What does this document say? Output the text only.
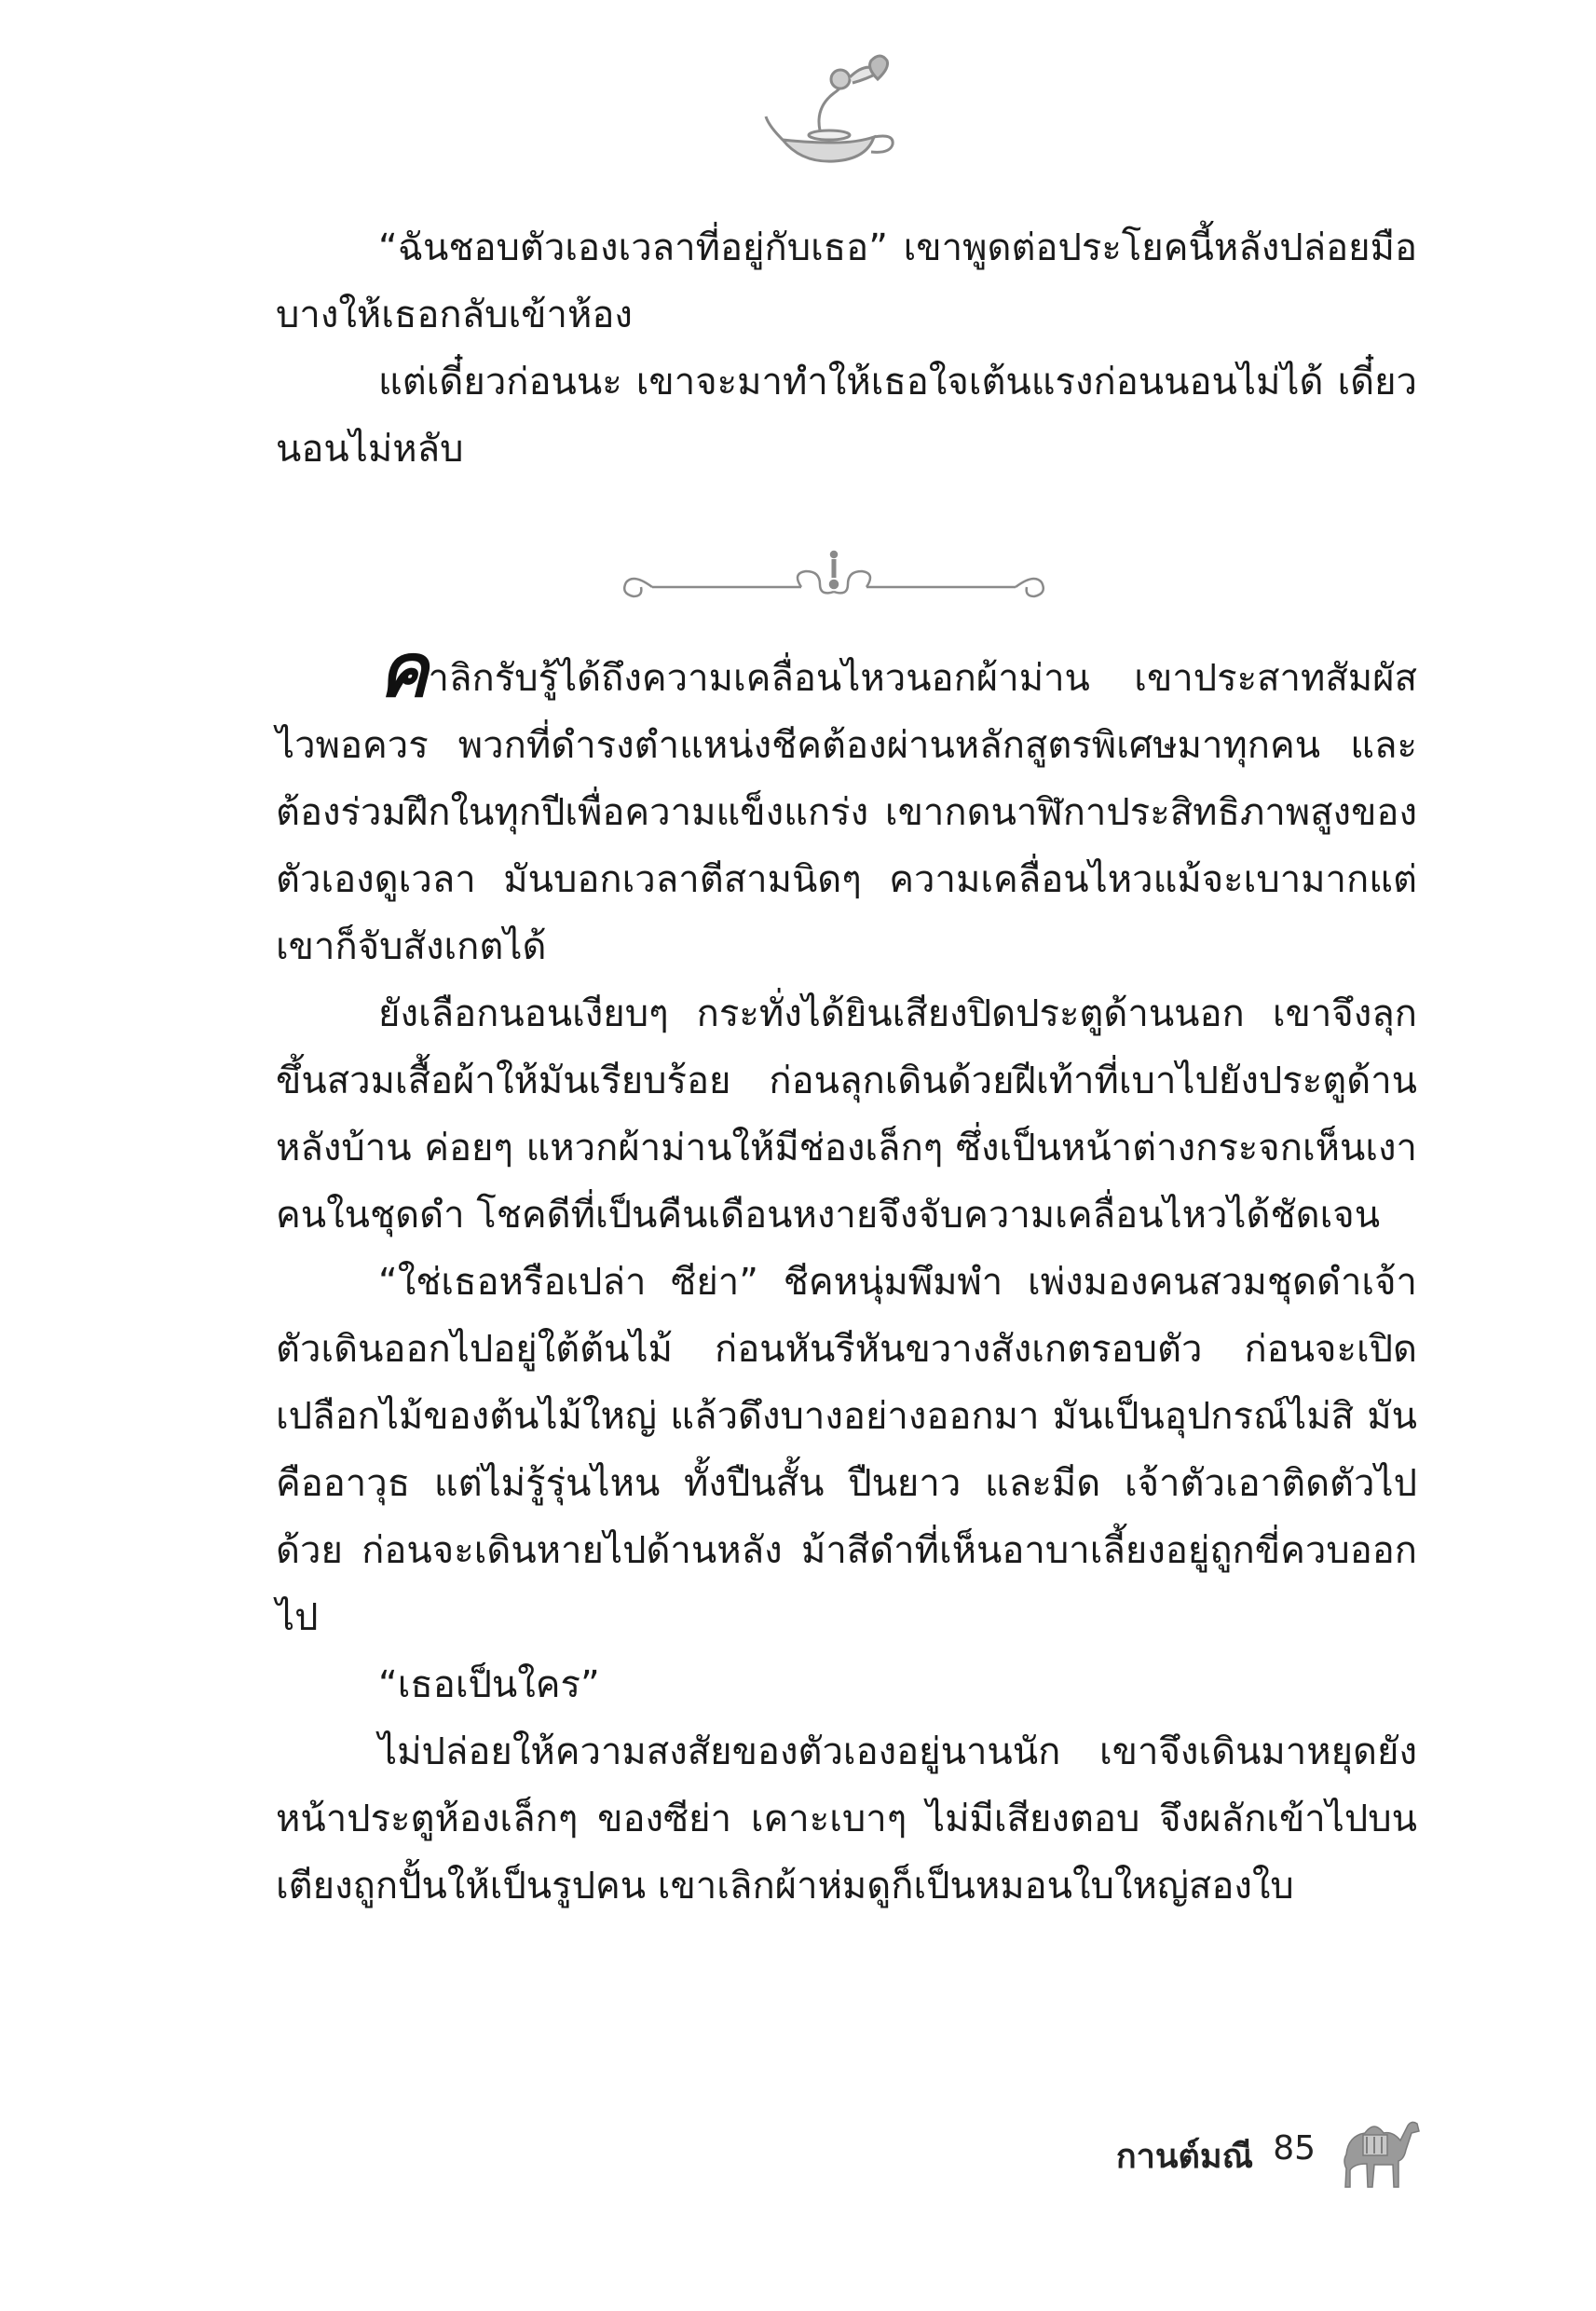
“ฉันชอบตัวเองเวลาที่อยู่กับเธอ” เขาพูดต่อประโยคนี้หลังปล่อยมือบางให้เธอกลับเข้าห้อง

แต่เดี๋ยวก่อนนะ เขาจะมาทำให้เธอใจเต้นแรงก่อนนอนไม่ได้ เดี๋ยวนอนไม่หลับ

คาลิกรับรู้ได้ถึงความเคลื่อนไหวนอกผ้าม่าน เขาประสาทสัมผัสไวพอควร พวกที่ดำรงตำแหน่งชีคต้องผ่านหลักสูตรพิเศษมาทุกคน และต้องร่วมฝึกในทุกปีเพื่อความแข็งแกร่ง เขากดนาฬิกาประสิทธิภาพสูงของตัวเองดูเวลา มันบอกเวลาตีสามนิดๆ ความเคลื่อนไหวแม้จะเบามากแต่เขาก็จับสังเกตได้

ยังเลือกนอนเงียบๆ กระทั่งได้ยินเสียงปิดประตูด้านนอก เขาจึงลุกขึ้นสวมเสื้อผ้าให้มันเรียบร้อย ก่อนลุกเดินด้วยฝีเท้าที่เบาไปยังประตูด้านหลังบ้าน ค่อยๆ แหวกผ้าม่านให้มีช่องเล็กๆ ซึ่งเป็นหน้าต่างกระจกเห็นเงาคนในชุดดำ โชคดีที่เป็นคืนเดือนหงายจึงจับความเคลื่อนไหวได้ชัดเจน

“ใช่เธอหรือเปล่า ซีย่า” ชีคหนุ่มพึมพำ เพ่งมองคนสวมชุดดำเจ้าตัวเดินออกไปอยู่ใต้ต้นไม้ ก่อนหันรีหันขวางสังเกตรอบตัว ก่อนจะเปิดเปลือกไม้ของต้นไม้ใหญ่ แล้วดึงบางอย่างออกมา มันเป็นอุปกรณ์ไม่สิ มันคืออาวุธ แต่ไม่รู้รุ่นไหน ทั้งปืนสั้น ปืนยาว และมีด เจ้าตัวเอาติดตัวไปด้วย ก่อนจะเดินหายไปด้านหลัง ม้าสีดำที่เห็นอาบาเลี้ยงอยู่ถูกขี่ควบออกไป

“เธอเป็นใคร”

ไม่ปล่อยให้ความสงสัยของตัวเองอยู่นานนัก เขาจึงเดินมาหยุดยังหน้าประตูห้องเล็กๆ ของซีย่า เคาะเบาๆ ไม่มีเสียงตอบ จึงผลักเข้าไปบนเตียงถูกปั้นให้เป็นรูปคน เขาเลิกผ้าห่มดูก็เป็นหมอนใบใหญ่สองใบ

กานต์มณี 85
